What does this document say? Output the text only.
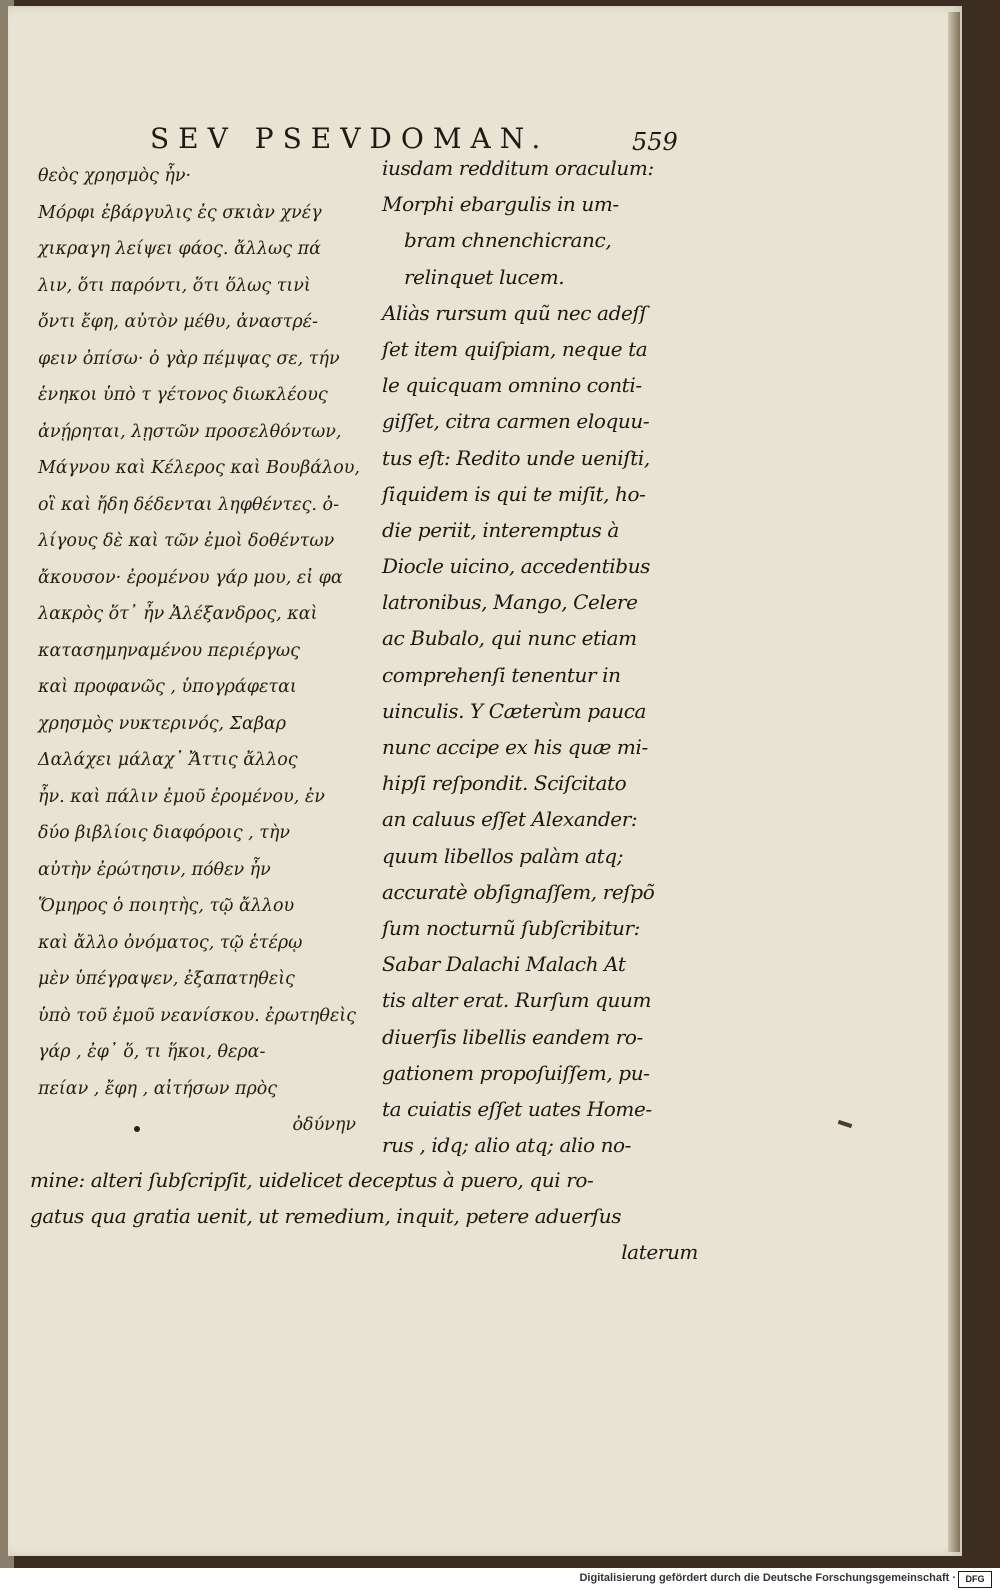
SEV PSEVDOMAN.	559
θεὸς χρησμὸς ἦν·
Μόρφι ἐβάργυλις ἐς σκιὰν χνέγ
χικραγη λείψει φάος. ἄλλως πά
λιν, ὅτι παρόντι, ὅτι ὅλως τινὶ
ὄντι ἔφη, αὐτὸν μέθυ, ἀναστρέ-
φειν ὀπίσω· ὁ γὰρ πέμψας σε, τήν
ἑνηκοι ὑπὸ τ γέτονος διωκλέους
ἀνῄρηται, λῃστῶν προσελθόντων,
Μάγνου καὶ Κέλερος καὶ Βουβάλου,
οἳ καὶ ἤδη δέδενται ληφθέντες. ὀ-
λίγους δὲ καὶ τῶν ἐμοὶ δοθέντων
ἄκουσον· ἐρομένου γάρ μου, εἰ φα
λακρὸς ὅτ᾽ ἦν Ἀλέξανδρος, καὶ
κατασημηναμένου περιέργως
καὶ προφανῶς , ὑπογράφεται
χρησμὸς νυκτερινός, Σαβαρ
Δαλάχει μάλαχ᾽ Ἄττις ἄλλος
ἦν. καὶ πάλιν ἐμοῦ ἐρομένου, ἐν
δύο βιβλίοις διαφόροις , τὴν
αὐτὴν ἐρώτησιν, πόθεν ἦν
Ὅμηρος ὁ ποιητὴς, τῷ ἄλλου
καὶ ἄλλο ὀνόματος, τῷ ἑτέρῳ
μὲν ὑπέγραψεν, ἐξαπατηθεὶς
ὑπὸ τοῦ ἐμοῦ νεανίσκου. ἐρωτηθεὶς
γάρ , ἐφ᾽ ὅ, τι ἥκοι, θερα-
πείαν , ἔφη , αἰτήσων πρὸς
ὀδύνην
iusdam redditum oraculum:
Morphi ebargulis in um-
bram chnenchicranc,
relinquet lucem.
Aliàs rursum quũ nec adeſſ
ſet item quiſpiam, neque ta
le quicquam omnino conti-
giſſet, citra carmen eloquu-
tus eſt: Redito unde ueniſti,
ſiquidem is qui te miſit, ho-
die periit, interemptus à
Diocle uicino, accedentibus
latronibus, Mango, Celere
ac Bubalo, qui nunc etiam
comprehenſi tenentur in
uinculis. Y Cæterùm pauca
nunc accipe ex his quæ mi-
hipſi reſpondit. Sciſcitato
an caluus eſſet Alexander:
quum libellos palàm atq;
accuratè obſignaſſem, reſpõ
ſum nocturnũ ſubſcribitur:
Sabar Dalachi Malach At
tis alter erat. Rurſum quum
diuerſis libellis eandem ro-
gationem propoſuiſſem, pu-
ta cuiatis eſſet uates Home-
rus , idq; alio atq; alio no-
mine: alteri ſubſcripſit, uidelicet deceptus à puero, qui ro-
gatus qua gratia uenit, ut remedium, inquit, petere aduerſus
laterum
Digitalisierung gefördert durch die Deutsche Forschungsgemeinschaft ·	DFG
